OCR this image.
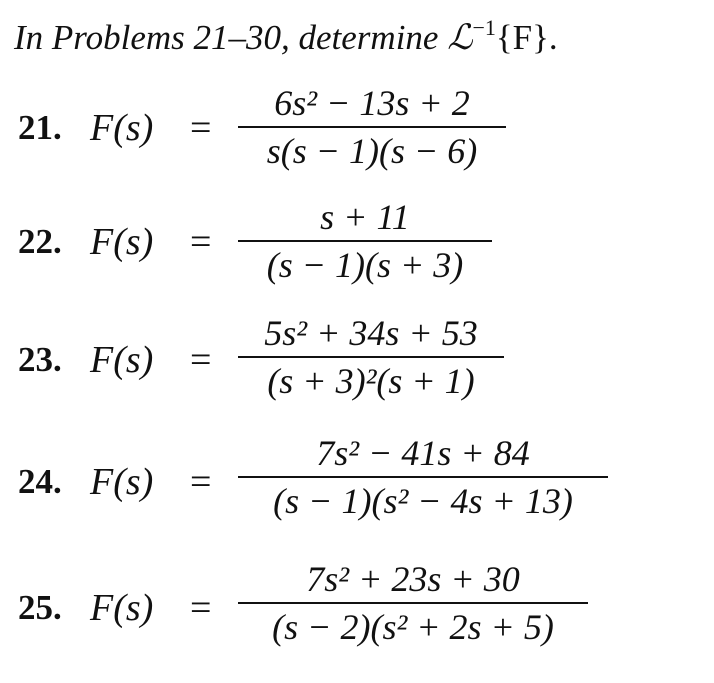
In Problems 21–30, determine ℒ$^{-1}${F}.
21. F(s) =
6s² − 13s + 2
s(s − 1)(s − 6)
22. F(s) =
s + 11
(s − 1)(s + 3)
23. F(s) =
5s² + 34s + 53
(s + 3)²(s + 1)
24. F(s) =
7s² − 41s + 84
(s − 1)(s² − 4s + 13)
25. F(s) =
7s² + 23s + 30
(s − 2)(s² + 2s + 5)
